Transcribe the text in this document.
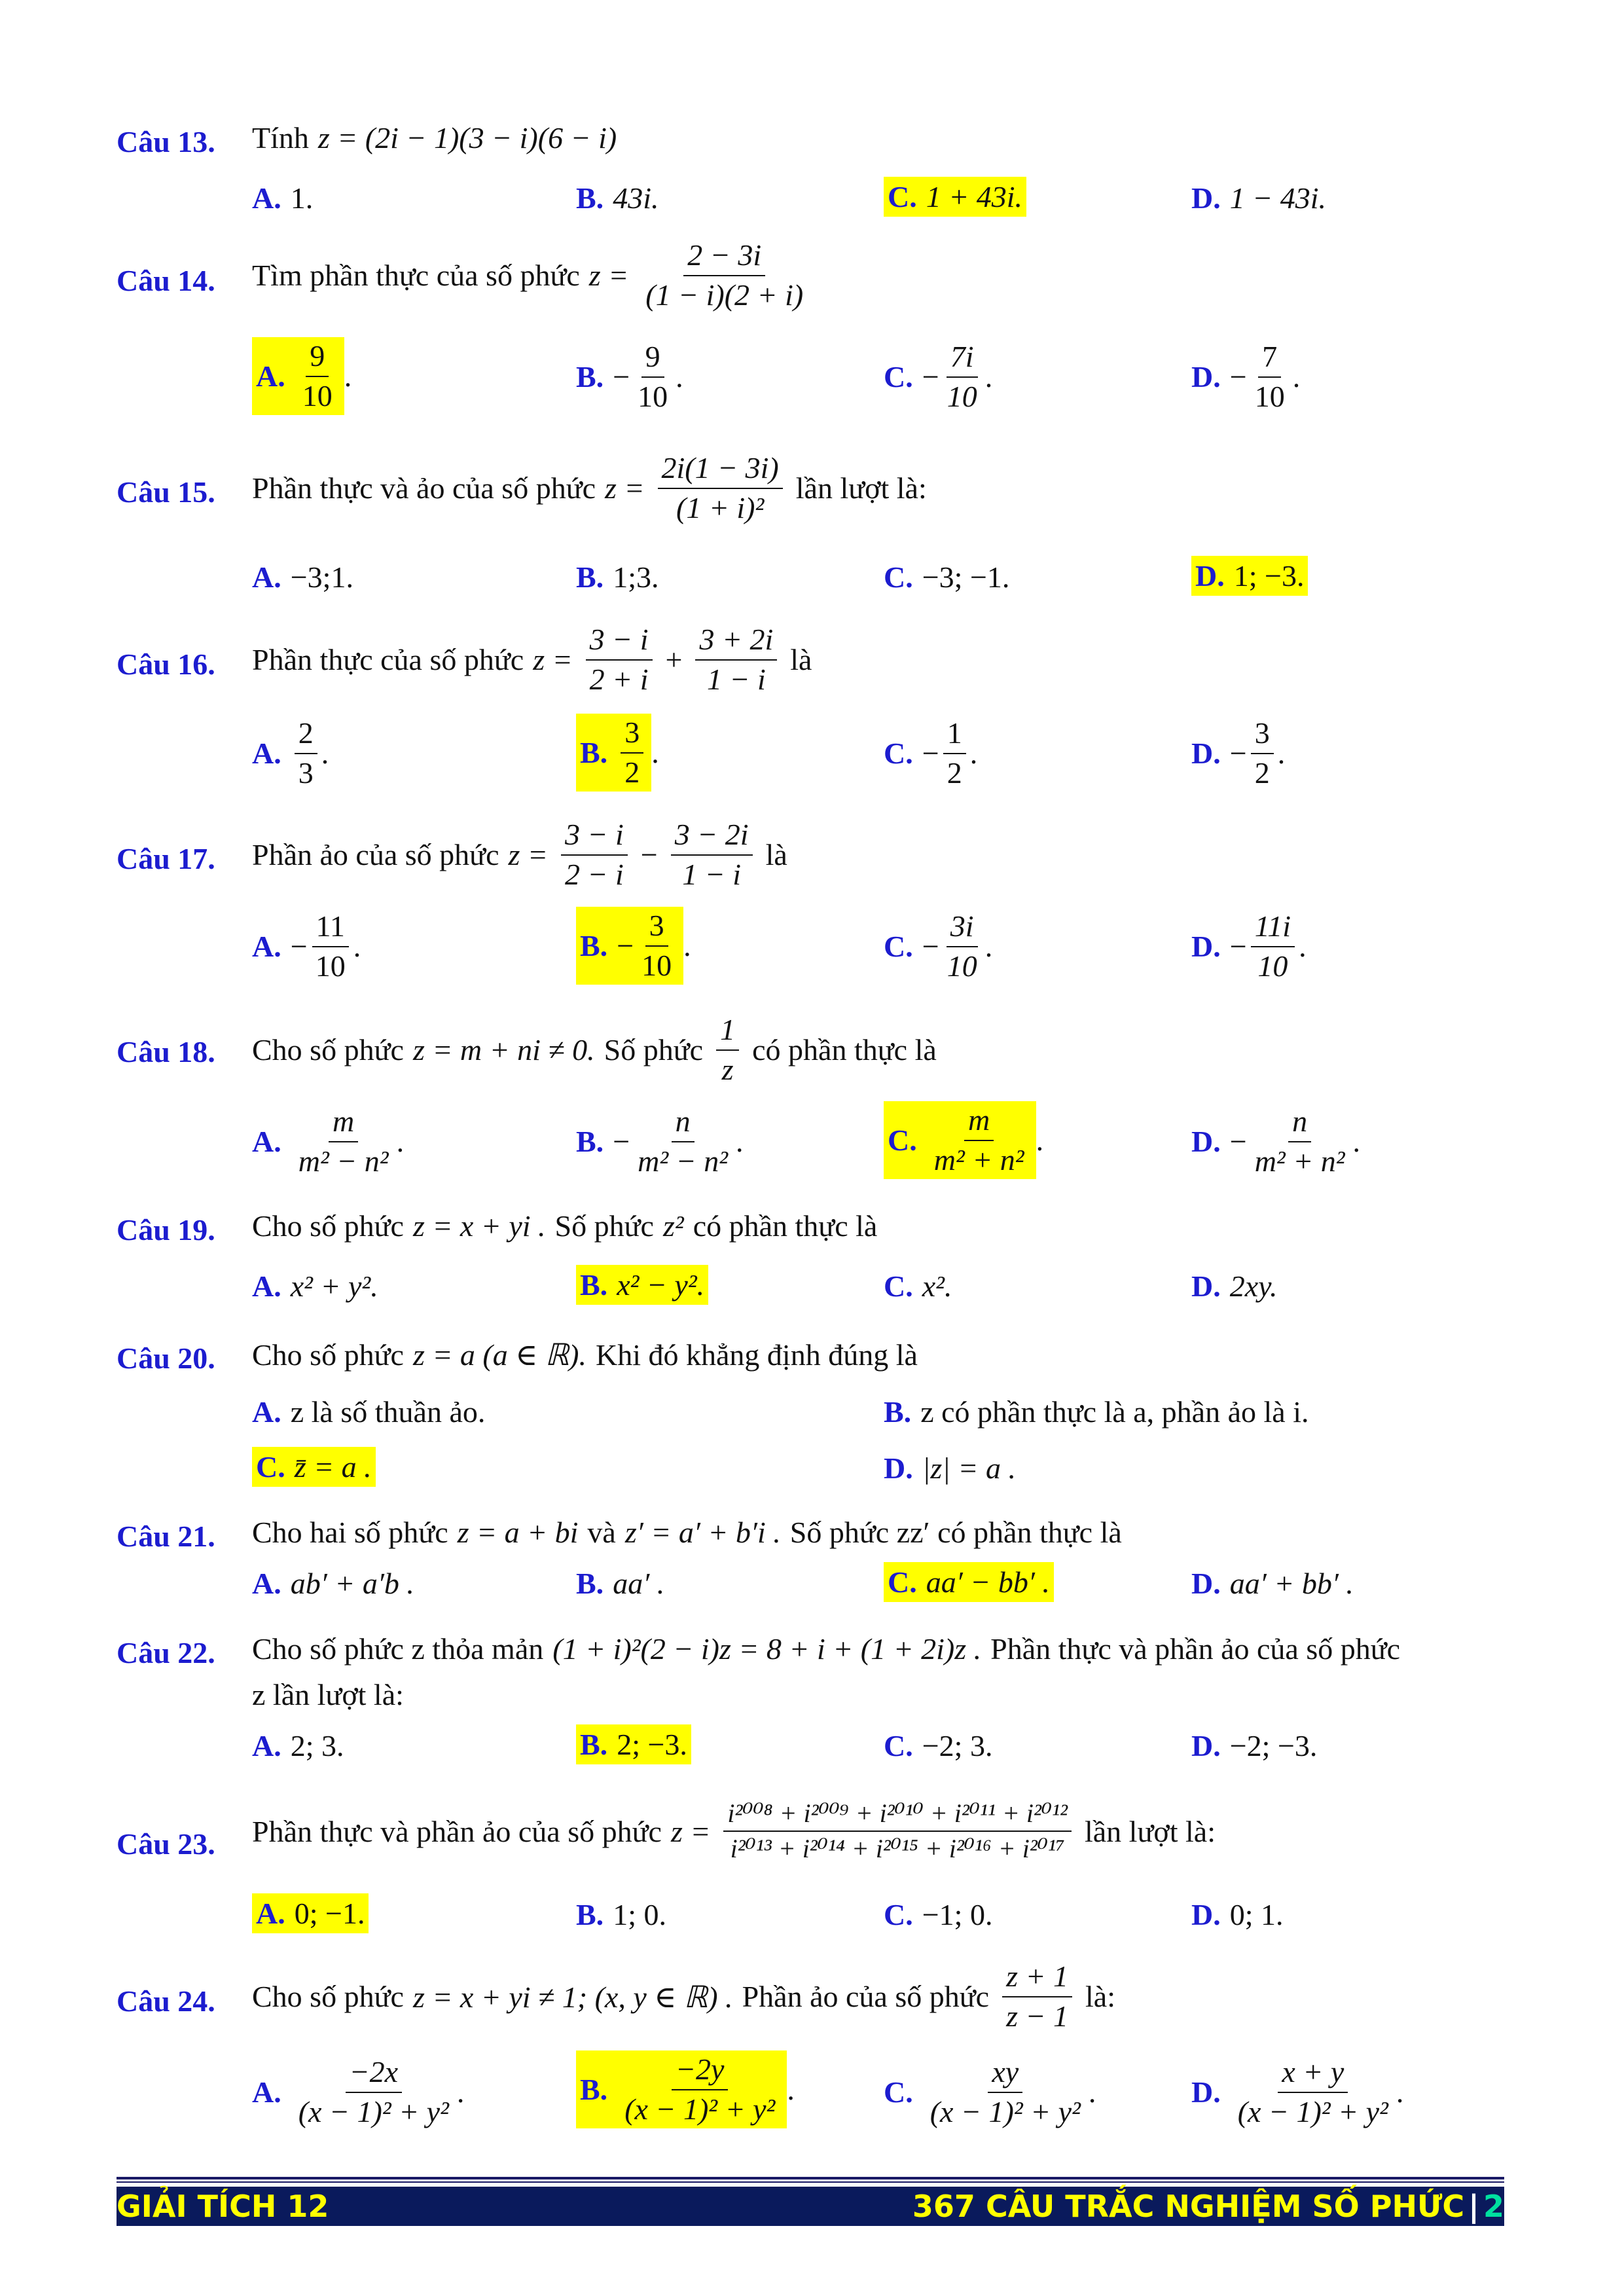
Câu 13. Tính z = (2i − 1)(3 − i)(6 − i)
A. 1.	B. 43i.	C. 1 + 43i.	D. 1 − 43i.
Câu 14. Tìm phần thực của số phức $z = \frac{2 - 3i}{(1 - i)(2 + i)}$
A. $\frac{9}{10}$ .	B. − $\frac{9}{10}$ .	C. − $\frac{7i}{10}$ .	D. − $\frac{7}{10}$ .
Câu 15. Phần thực và ảo của số phức $z = \frac{2i(1 - 3i)}{\text{(1 + i)²}}$ lần lượt là:
A. −3;1.	B. 1;3.	C. −3; −1.	D. 1; −3.
Câu 16. Phần thực của số phức $z = \frac{3 - i}{2 + i} + \frac{3 + 2i}{1 - i}$ là
A. $\frac{2}{3}$ .	B. $\frac{3}{2}$ .	C. − $\frac{1}{2}$ .	D. − $\frac{3}{2}$ .
Câu 17. Phần ảo của số phức $z = \frac{3 - i}{2 - i} - \frac{3 - 2i}{1 - i}$ là
A. − $\frac{11}{10}$ .	B. − $\frac{3}{10}$ .	C. − $\frac{3i}{10}$ .	D. − $\frac{11i}{10}$ .
Câu 18. Cho số phức z = m + ni ≠ 0. Số phức $\frac{1}{z}$ có phần thực là
A. $\frac{m}{\text{m² − n²}}$ .	B. − $\frac{n}{\text{m² − n²}}$ .	C. $\frac{m}{\text{m² + n²}}$ .	D. − $\frac{n}{\text{m² + n²}}$ .
Câu 19. Cho số phức z = x + yi . Số phức z² có phần thực là
A. x² + y².	B. x² − y².	C. x².	D. 2xy.
Câu 20. Cho số phức z = a (a ∈ ℝ). Khi đó khẳng định đúng là
A. z là số thuần ảo.	B. z có phần thực là a, phần ảo là i.
C. z̄ = a .	D. |z| = a .
Câu 21. Cho hai số phức z = a + bi và z′ = a′ + b′i . Số phức zz′ có phần thực là
A. ab′ + a′b .	B. aa′ .	C. aa′ − bb′ .	D. aa′ + bb′ .
Câu 22. Cho số phức z thỏa mản (1 + i)²(2 − i)z = 8 + i + (1 + 2i)z . Phần thực và phần ảo của số phức
z lần lượt là:
A. 2; 3.	B. 2; −3.	C. −2; 3.	D. −2; −3.
Câu 23. Phần thực và phần ảo của số phức $z = \frac{\text{i²⁰⁰⁸ + i²⁰⁰⁹ + i²⁰¹⁰ + i²⁰¹¹ + i²⁰¹²}}{\text{i²⁰¹³ + i²⁰¹⁴ + i²⁰¹⁵ + i²⁰¹⁶ + i²⁰¹⁷}}$ lần lượt là:
A. 0; −1.	B. 1; 0.	C. −1; 0.	D. 0; 1.
Câu 24. Cho số phức z = x + yi ≠ 1; (x, y ∈ ℝ) . Phần ảo của số phức $\frac{z + 1}{z - 1}$ là:
A. $\frac{-2x}{\text{(x − 1)² + y²}}$ .	B. $\frac{-2y}{\text{(x − 1)² + y²}}$ .	C. $\frac{xy}{\text{(x − 1)² + y²}}$ .	D. $\frac{x + y}{\text{(x − 1)² + y²}}$ .
GIẢI TÍCH 12	367 CÂU TRẮC NGHIỆM SỐ PHỨC | 2
